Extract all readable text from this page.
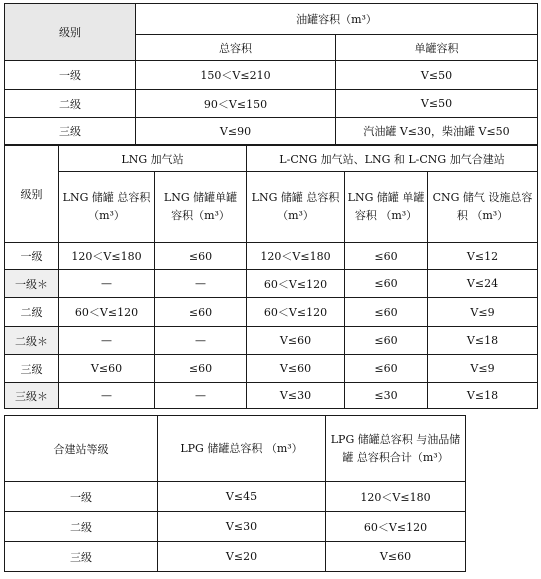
级别	油罐容积（m³）	
	总容积	单罐容积
一级	150＜V≤210	V≤50
二级	90＜V≤150	V≤50
三级	V≤90	汽油罐 V≤30，柴油罐 V≤50
级别	LNG 加气站		L-CNG 加气站、LNG 和 L-CNG 加气合建站		
	LNG 储罐 总容积（m³）	LNG 储罐单罐 容积（m³）	LNG 储罐 总容积（m³）	LNG 储罐 单罐容积 （m³）	CNG 储气 设施总容积 （m³）
一级	120＜V≤180	≤60	120＜V≤180	≤60	V≤12
一级＊	—	—	60＜V≤120	≤60	V≤24
二级	60＜V≤120	≤60	60＜V≤120	≤60	V≤9
二级＊	—	—	V≤60	≤60	V≤18
三级	V≤60	≤60	V≤60	≤60	V≤9
三级＊	—	—	V≤30	≤30	V≤18
合建站等级	LPG 储罐总容积 （m³）	LPG 储罐总容积 与油品储罐 总容积合计（m³）
一级	V≤45	120＜V≤180
二级	V≤30	60＜V≤120
三级	V≤20	V≤60
